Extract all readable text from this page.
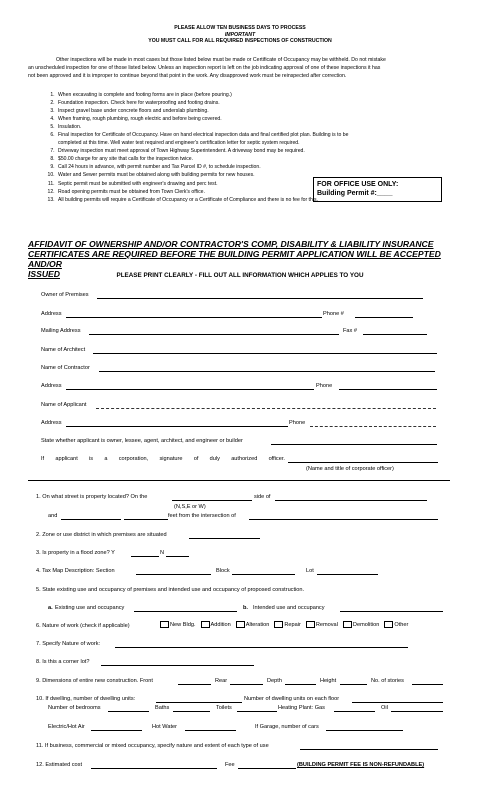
PLEASE ALLOW TEN BUSINESS DAYS TO PROCESS
IMPORTANT
YOU MUST CALL FOR ALL REQUIRED INSPECTIONS OF CONSTRUCTION
Other inspections will be made in most cases but those listed below must be made or Certificate of Occupancy may be withheld. Do not mistake
an unscheduled inspection for one of those listed below. Unless an inspection report is left on the job indicating approval of one of these inspections it has
not been approved and it is improper to continue beyond that point in the work. Any disapproved work must be reinspected after correction.
1. When excavating is complete and footing forms are in place (before pouring.)
2. Foundation inspection. Check here for waterproofing and footing drains.
3. Inspect gravel base under concrete floors and underslab plumbing.
4. When framing, rough plumbing, rough electric and before being covered.
5. Insulation.
6. Final inspection for Certificate of Occupancy. Have on hand electrical inspection data and final certified plot plan. Building is to be completed at this time. Well water test required and engineer's certification letter for septic system required.
7. Driveway inspection must meet approval of Town Highway Superintendent. A driveway bond may be required.
8. $50.00 charge for any site that calls for the inspection twice.
9. Call 24 hours in advance, with permit number and Tax Parcel ID #, to schedule inspection.
10. Water and Sewer permits must be obtained along with building permits for new houses.
11. Septic permit must be submitted with engineer's drawing and perc test.
12. Road opening permits must be obtained from Town Clerk's office.
13. All building permits will require a Certificate of Occupancy or a Certificate of Compliance and there is no fee for this.
FOR OFFICE USE ONLY:
Building Permit #:____
AFFIDAVIT OF OWNERSHIP AND/OR CONTRACTOR'S COMP, DISABILITY & LIABILITY INSURANCE
CERTIFICATES ARE REQUIRED BEFORE THE BUILDING PERMIT APPLICATION WILL BE ACCEPTED AND/OR
ISSUED	PLEASE PRINT CLEARLY - FILL OUT ALL INFORMATION WHICH APPLIES TO YOU
Owner of Premises
Address	Phone #
Mailing Address	Fax #
Name of Architect
Name of Contractor
Address	Phone
Name of Applicant
Address	Phone
State whether applicant is owner, lessee, agent, architect, and engineer or builder
If applicant is a corporation, signature of duly authorized officer.
(Name and title of corporate officer)
1. On what street is property located? On the	side of
(N,S,E or W)
and	feet from the intersection of
2. Zone or use district in which premises are situated
3. Is property in a flood zone? Y	N
4. Tax Map Description: Section	Block	Lot
5. State existing use and occupancy of premises and intended use and occupancy of proposed construction.
a. Existing use and occupancy	b. Intended use and occupancy
6. Nature of work (check if applicable)	New Bldg.	Addition	Alteration	Repair	Removal	Demolition	Other
7. Specify Nature of work:
8. Is this a corner lot?
9. Dimensions of entire new construction. Front	Rear	Depth	Height	No. of stories
10. If dwelling, number of dwelling units:	Number of dwelling units on each floor
Number of bedrooms	Baths	Toilets	Heating Plant: Gas	Oil
Electric/Hot Air	Hot Water	If Garage, number of cars
11. If business, commercial or mixed occupancy, specify nature and extent of each type of use
12. Estimated cost	Fee	(BUILDING PERMIT FEE IS NON-REFUNDABLE)
